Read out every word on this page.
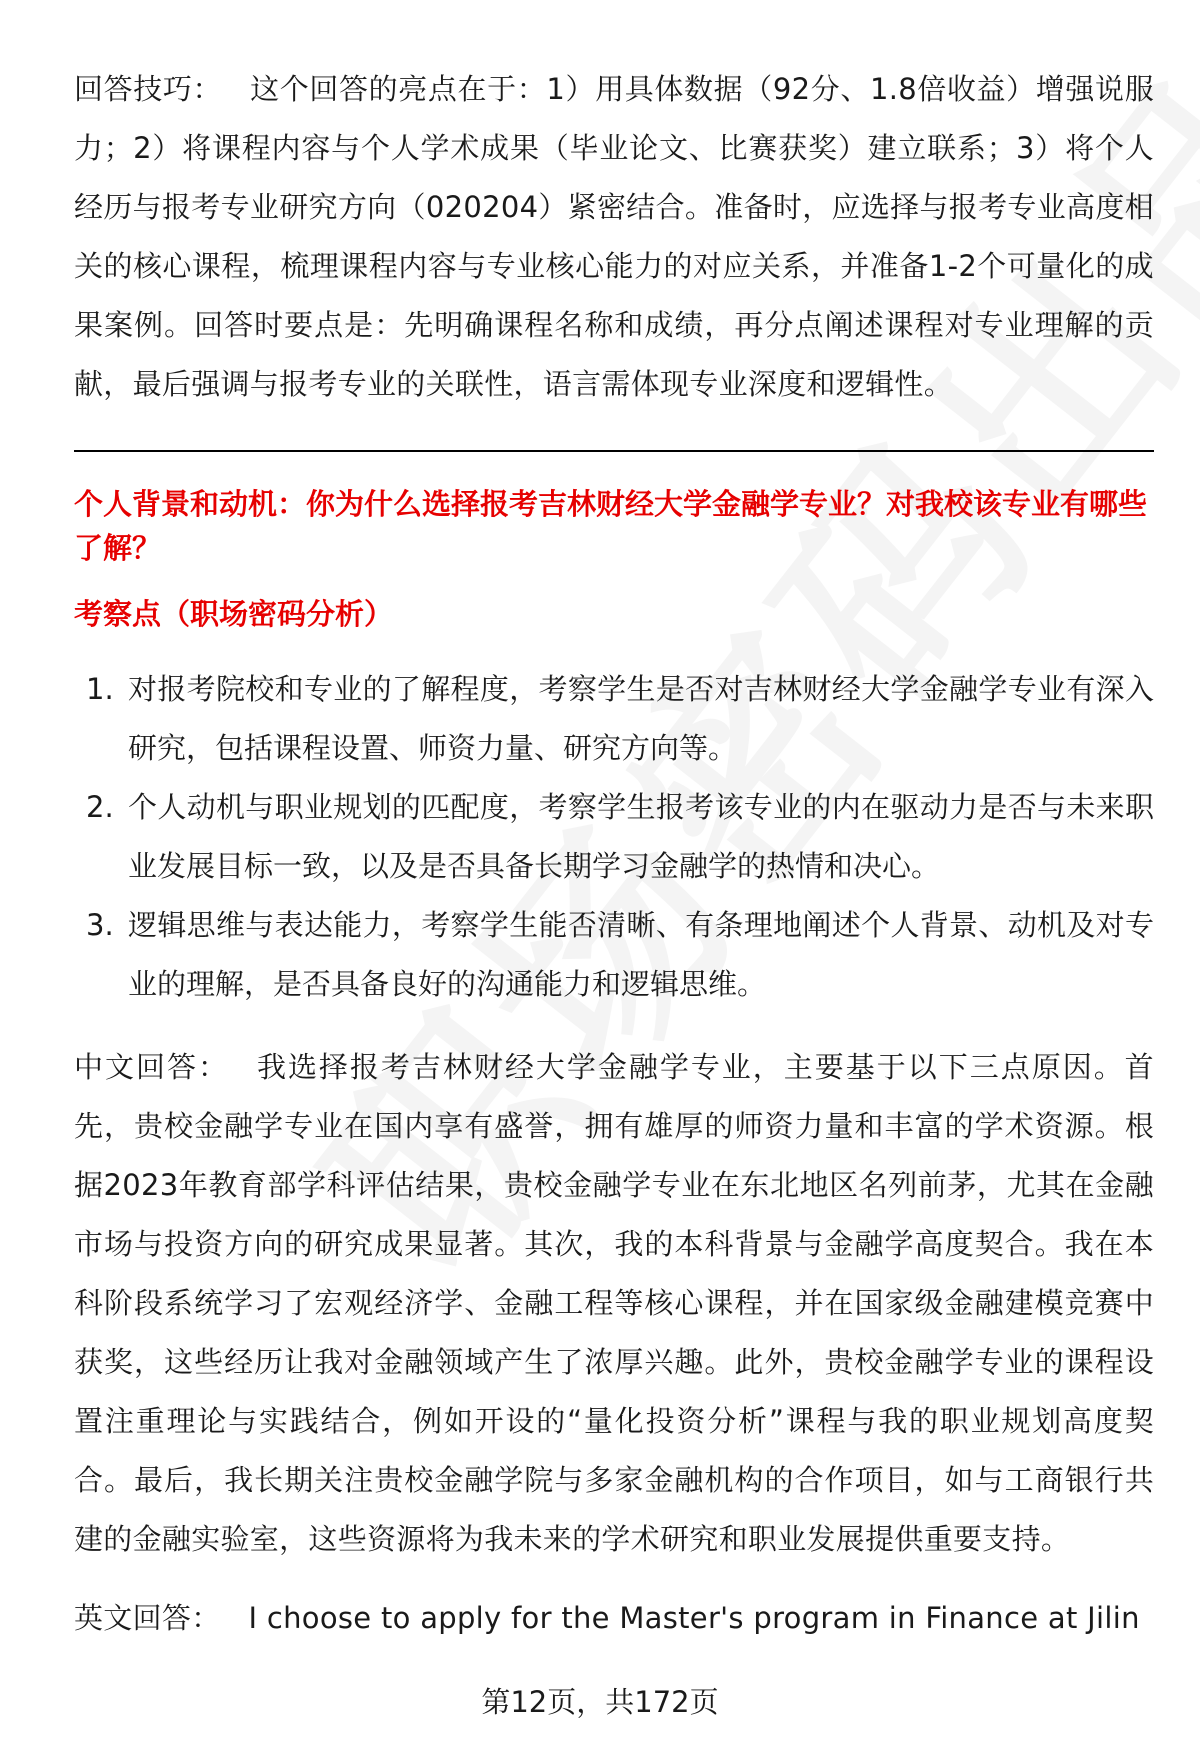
回答技巧： 这个回答的亮点在于：1）用具体数据（92分、1.8倍收益）增强说服力；2）将课程内容与个人学术成果（毕业论文、比赛获奖）建立联系；3）将个人经历与报考专业研究方向（020204）紧密结合。准备时，应选择与报考专业高度相关的核心课程，梳理课程内容与专业核心能力的对应关系，并准备1-2个可量化的成果案例。回答时要点是：先明确课程名称和成绩，再分点阐述课程对专业理解的贡献，最后强调与报考专业的关联性，语言需体现专业深度和逻辑性。

个人背景和动机：你为什么选择报考吉林财经大学金融学专业？对我校该专业有哪些了解？

考察点（职场密码分析）

1. 对报考院校和专业的了解程度，考察学生是否对吉林财经大学金融学专业有深入研究，包括课程设置、师资力量、研究方向等。
2. 个人动机与职业规划的匹配度，考察学生报考该专业的内在驱动力是否与未来职业发展目标一致，以及是否具备长期学习金融学的热情和决心。
3. 逻辑思维与表达能力，考察学生能否清晰、有条理地阐述个人背景、动机及对专业的理解，是否具备良好的沟通能力和逻辑思维。

中文回答： 我选择报考吉林财经大学金融学专业，主要基于以下三点原因。首先，贵校金融学专业在国内享有盛誉，拥有雄厚的师资力量和丰富的学术资源。根据2023年教育部学科评估结果，贵校金融学专业在东北地区名列前茅，尤其在金融市场与投资方向的研究成果显著。其次，我的本科背景与金融学高度契合。我在本科阶段系统学习了宏观经济学、金融工程等核心课程，并在国家级金融建模竞赛中获奖，这些经历让我对金融领域产生了浓厚兴趣。此外，贵校金融学专业的课程设置注重理论与实践结合，例如开设的“量化投资分析”课程与我的职业规划高度契合。最后，我长期关注贵校金融学院与多家金融机构的合作项目，如与工商银行共建的金融实验室，这些资源将为我未来的学术研究和职业发展提供重要支持。

英文回答： I choose to apply for the Master's program in Finance at Jilin

第12页，共172页
